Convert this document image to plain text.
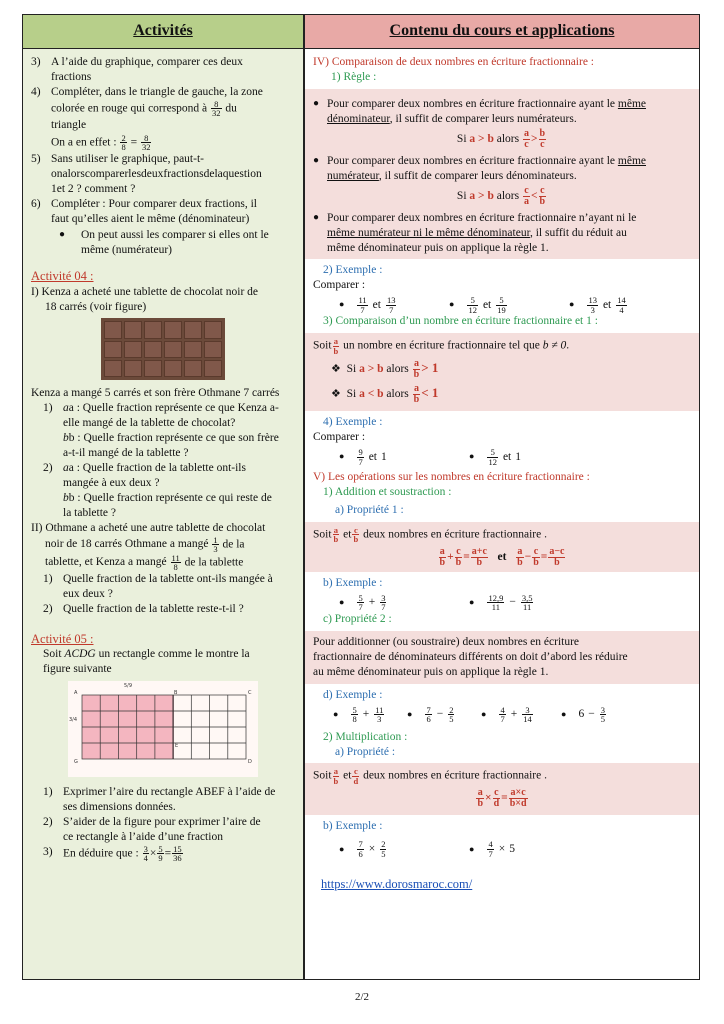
Activités
3) A l’aide du graphique, comparer ces deux
fractions
4) Compléter, dans le triangle de gauche, la zone
colorée en rouge qui correspond à $\frac{8}{32}$ du
triangle
On a en effet : $\frac{2}{8} = \frac{8}{32}$
5) Sans utiliser le graphique, paut-t-
onalorscomparerlesdeuxfractionsdelaquestion
1et 2 ? comment ?
6) Compléter : Pour comparer deux fractions, il
faut qu’elles aient le même (dénominateur)
●	On peut aussi les comparer si elles ont le
même (numérateur)
Activité 04 :
I) Kenza a acheté une tablette de chocolat noir de
18 carrés (voir figure)
Kenza a mangé 5 carrés et son frère Othmane 7 carrés
1) aa : Quelle fraction représente ce que Kenza a-
elle mangé de la tablette de chocolat?
bb : Quelle fraction représente ce que son frère
a-t-il mangé de la tablette ?
2) aa : Quelle fraction de la tablette ont-ils
mangée à eux deux ?
bb : Quelle fraction représente ce qui reste de
la tablette ?
II) Othmane a acheté une autre tablette de chocolat
noir de 18 carrés Othmane a mangé $\frac{1}{3}$ de la
tablette, et Kenza a mangé $\frac{11}{8}$ de la tablette
1) Quelle fraction de la tablette ont-ils mangée à
eux deux ?
2) Quelle fraction de la tablette reste-t-il ?
Activité 05 :
Soit ACDG un rectangle comme le montre la
figure suivante
A	B	C
D
E
G
5/9
3/4
1) Exprimer l’aire du rectangle ABEF à l’aide de
ses dimensions données.
2) S’aider de la figure pour exprimer l’aire de
ce rectangle à l’aide d’une fraction
3) En déduire que : $\frac{3}{4} \times \frac{5}{9} = \frac{15}{36}$
Contenu du cours et applications
IV) Comparaison de deux nombres en écriture fractionnaire :
1) Règle :
● Pour comparer deux nombres en écriture fractionnaire ayant le même
dénominateur, il suffit de comparer leurs numérateurs.
Si a > b alors $\frac{a}{c} > \frac{b}{c}$
● Pour comparer deux nombres en écriture fractionnaire ayant le même
numérateur, il suffit de comparer leurs dénominateurs.
Si a > b alors $\frac{c}{a} < \frac{c}{b}$
● Pour comparer deux nombres en écriture fractionnaire n’ayant ni le
même numérateur ni le même dénominateur, il suffit du réduit au
même dénominateur puis on applique la règle 1.
2) Exemple :
Comparer :
● $\frac{11}{7}$ et $\frac{13}{7}$	● $\frac{5}{12}$ et $\frac{5}{19}$	● $\frac{13}{3}$ et $\frac{14}{4}$
3) Comparaison d’un nombre en écriture fractionnaire et 1 :
Soit $\frac{a}{b}$ un nombre en écriture fractionnaire tel que b ≠ 0.
❖ Si a > b alors $\frac{a}{b} > 1$
❖ Si a < b alors $\frac{a}{b} < 1$
4) Exemple :
Comparer :
● $\frac{9}{7}$ et 1	● $\frac{5}{12}$ et 1
V) Les opérations sur les nombres en écriture fractionnaire :
1) Addition et soustraction :
a) Propriété 1 :
Soit $\frac{a}{b}$ et $\frac{c}{b}$ deux nombres en écriture fractionnaire .
$\frac{a}{b} + \frac{c}{b} = \frac{a+c}{b}$ et $\frac{a}{b} - \frac{c}{b} = \frac{a-c}{b}$
b) Exemple :
● $\frac{5}{7} + \frac{3}{7}$	● $\frac{12,9}{11} - \frac{3,5}{11}$
c) Propriété 2 :
Pour additionner (ou soustraire) deux nombres en écriture
fractionnaire de dénominateurs différents on doit d’abord les réduire
au même dénominateur puis on applique la règle 1.
d) Exemple :
● $\frac{5}{8} + \frac{11}{3}$	● $\frac{7}{6} - \frac{2}{5}$	● $\frac{4}{7} + \frac{3}{14}$	● $6 - \frac{3}{5}$
2) Multiplication :
a) Propriété :
Soit $\frac{a}{b}$ et $\frac{c}{d}$ deux nombres en écriture fractionnaire .
$\frac{a}{b} \times \frac{c}{d} = \frac{a\times c}{b\times d}$
b) Exemple :
● $\frac{7}{6} \times \frac{2}{5}$	● $\frac{4}{7} \times 5$
https://www.dorosmaroc.com/
2/2
